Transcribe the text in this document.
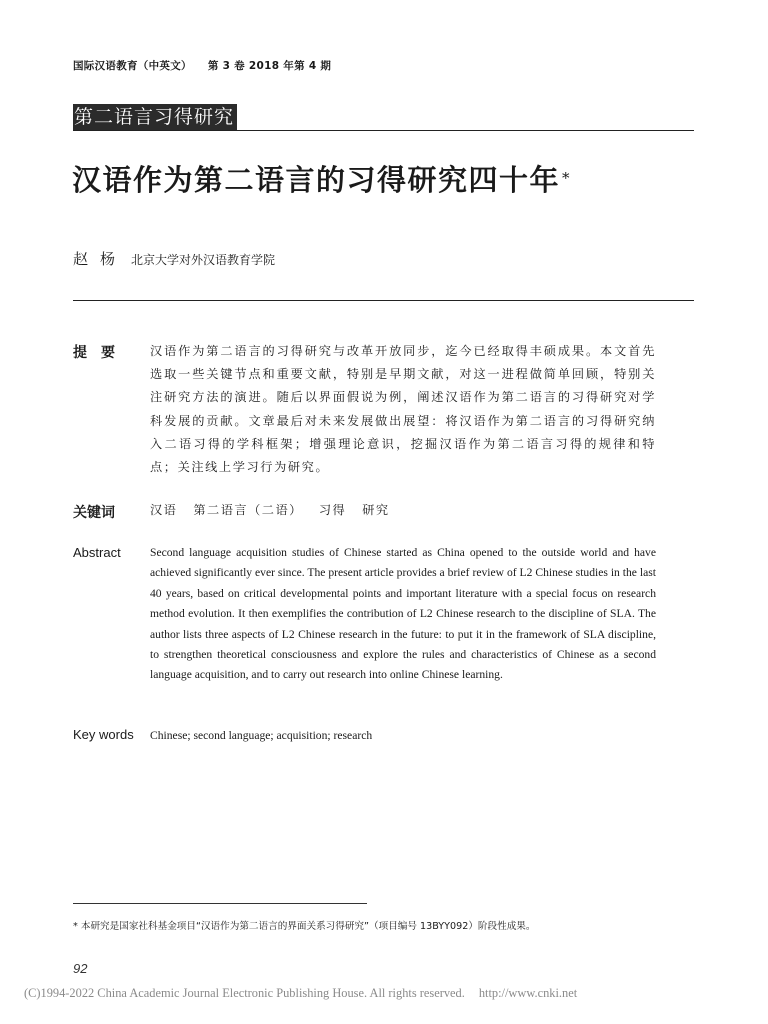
国际汉语教育（中英文） 第 3 卷 2018 年第 4 期
第二语言习得研究
汉语作为第二语言的习得研究四十年 *
赵杨 北京大学对外汉语教育学院
提要 汉语作为第二语言的习得研究与改革开放同步，迄今已经取得丰硕成果。本文首先选取一些关键节点和重要文献，特别是早期文献，对这一进程做简单回顾，特别关注研究方法的演进。随后以界面假说为例，阐述汉语作为第二语言的习得研究对学科发展的贡献。文章最后对未来发展做出展望：将汉语作为第二语言的习得研究纳入二语习得的学科框架；增强理论意识，挖掘汉语作为第二语言习得的规律和特点；关注线上学习行为研究。
关键词	汉语 第二语言（二语） 习得 研究
Abstract	Second language acquisition studies of Chinese started as China opened to the outside world and have achieved significantly ever since. The present article provides a brief review of L2 Chinese studies in the last 40 years, based on critical developmental points and important literature with a special focus on research method evolution. It then exemplifies the contribution of L2 Chinese research to the discipline of SLA. The author lists three aspects of L2 Chinese research in the future: to put it in the framework of SLA discipline, to strengthen theoretical consciousness and explore the rules and characteristics of Chinese as a second language acquisition, and to carry out research into online Chinese learning.
Key words Chinese; second language; acquisition; research
* 本研究是国家社科基金项目“汉语作为第二语言的界面关系习得研究”（项目编号 13BYY092）阶段性成果。
92
(C)1994-2022 China Academic Journal Electronic Publishing House. All rights reserved. http://www.cnki.net
